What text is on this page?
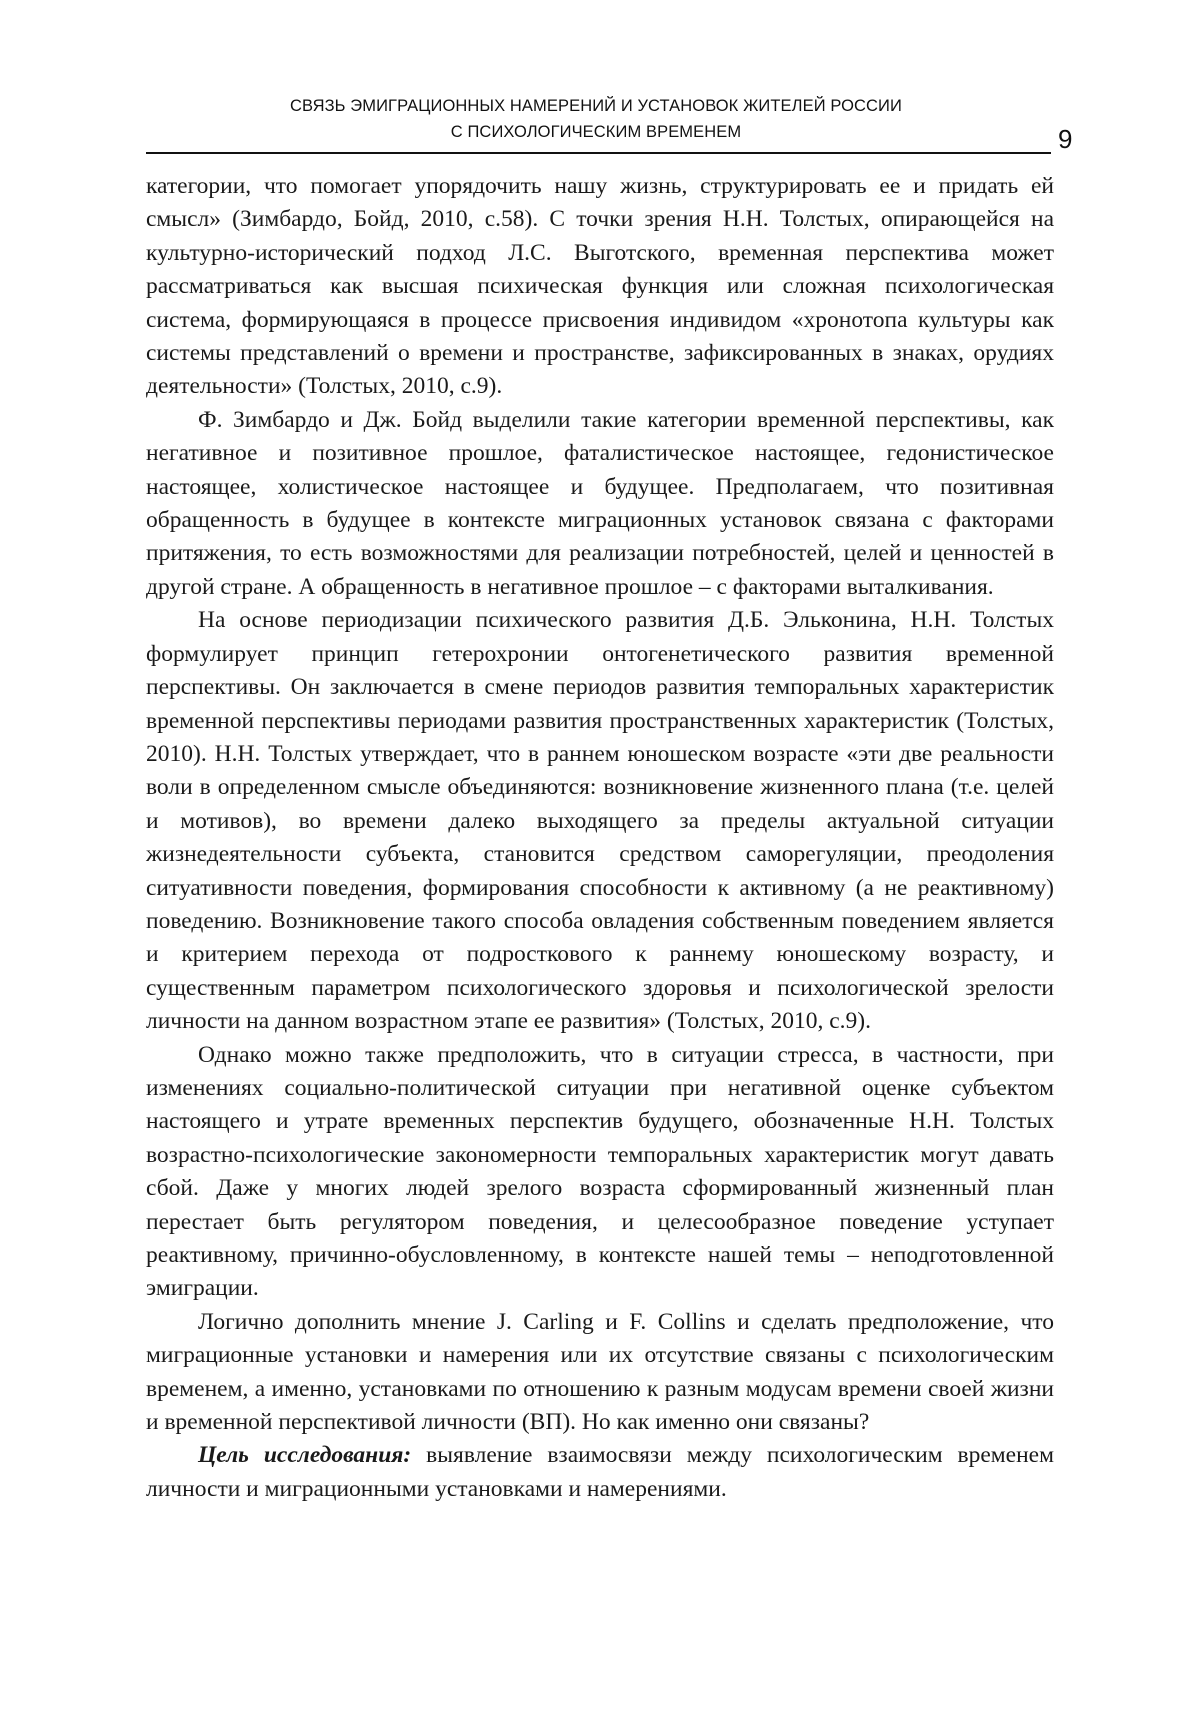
СВЯЗЬ ЭМИГРАЦИОННЫХ НАМЕРЕНИЙ И УСТАНОВОК ЖИТЕЛЕЙ РОССИИ
С ПСИХОЛОГИЧЕСКИМ ВРЕМЕНЕМ	9

категории, что помогает упорядочить нашу жизнь, структурировать ее и придать ей смысл» (Зимбардо, Бойд, 2010, с.58). С точки зрения Н.Н. Толстых, опирающейся на культурно-исторический подход Л.С. Выготского, временная перспектива может рассматриваться как высшая психическая функция или сложная психологическая система, формирующаяся в процессе присвоения индивидом «хронотопа культуры как системы представлений о времени и пространстве, зафиксированных в знаках, орудиях деятельности» (Толстых, 2010, с.9).

Ф. Зимбардо и Дж. Бойд выделили такие категории временной перспективы, как негативное и позитивное прошлое, фаталистическое настоящее, гедонистическое настоящее, холистическое настоящее и будущее. Предполагаем, что позитивная обращенность в будущее в контексте миграционных установок связана с факторами притяжения, то есть возможностями для реализации потребностей, целей и ценностей в другой стране. А обращенность в негативное прошлое – с факторами выталкивания.

На основе периодизации психического развития Д.Б. Эльконина, Н.Н. Толстых формулирует принцип гетерохронии онтогенетического развития временной перспективы. Он заключается в смене периодов развития темпоральных характеристик временной перспективы периодами развития пространственных характеристик (Толстых, 2010). Н.Н. Толстых утверждает, что в раннем юношеском возрасте «эти две реальности воли в определенном смысле объединяются: возникновение жизненного плана (т.е. целей и мотивов), во времени далеко выходящего за пределы актуальной ситуации жизнедеятельности субъекта, становится средством саморегуляции, преодоления ситуативности поведения, формирования способности к активному (а не реактивному) поведению. Возникновение такого способа овладения собственным поведением является и критерием перехода от подросткового к раннему юношескому возрасту, и существенным параметром психологического здоровья и психологической зрелости личности на данном возрастном этапе ее развития» (Толстых, 2010, с.9).

Однако можно также предположить, что в ситуации стресса, в частности, при изменениях социально-политической ситуации при негативной оценке субъектом настоящего и утрате временных перспектив будущего, обозначенные Н.Н. Толстых возрастно-психологические закономерности темпоральных характеристик могут давать сбой. Даже у многих людей зрелого возраста сформированный жизненный план перестает быть регулятором поведения, и целесообразное поведение уступает реактивному, причинно-обусловленному, в контексте нашей темы – неподготовленной эмиграции.

Логично дополнить мнение J. Carling и F. Collins и сделать предположение, что миграционные установки и намерения или их отсутствие связаны с психологическим временем, а именно, установками по отношению к разным модусам времени своей жизни и временной перспективой личности (ВП). Но как именно они связаны?

Цель исследования: выявление взаимосвязи между психологическим временем личности и миграционными установками и намерениями.
